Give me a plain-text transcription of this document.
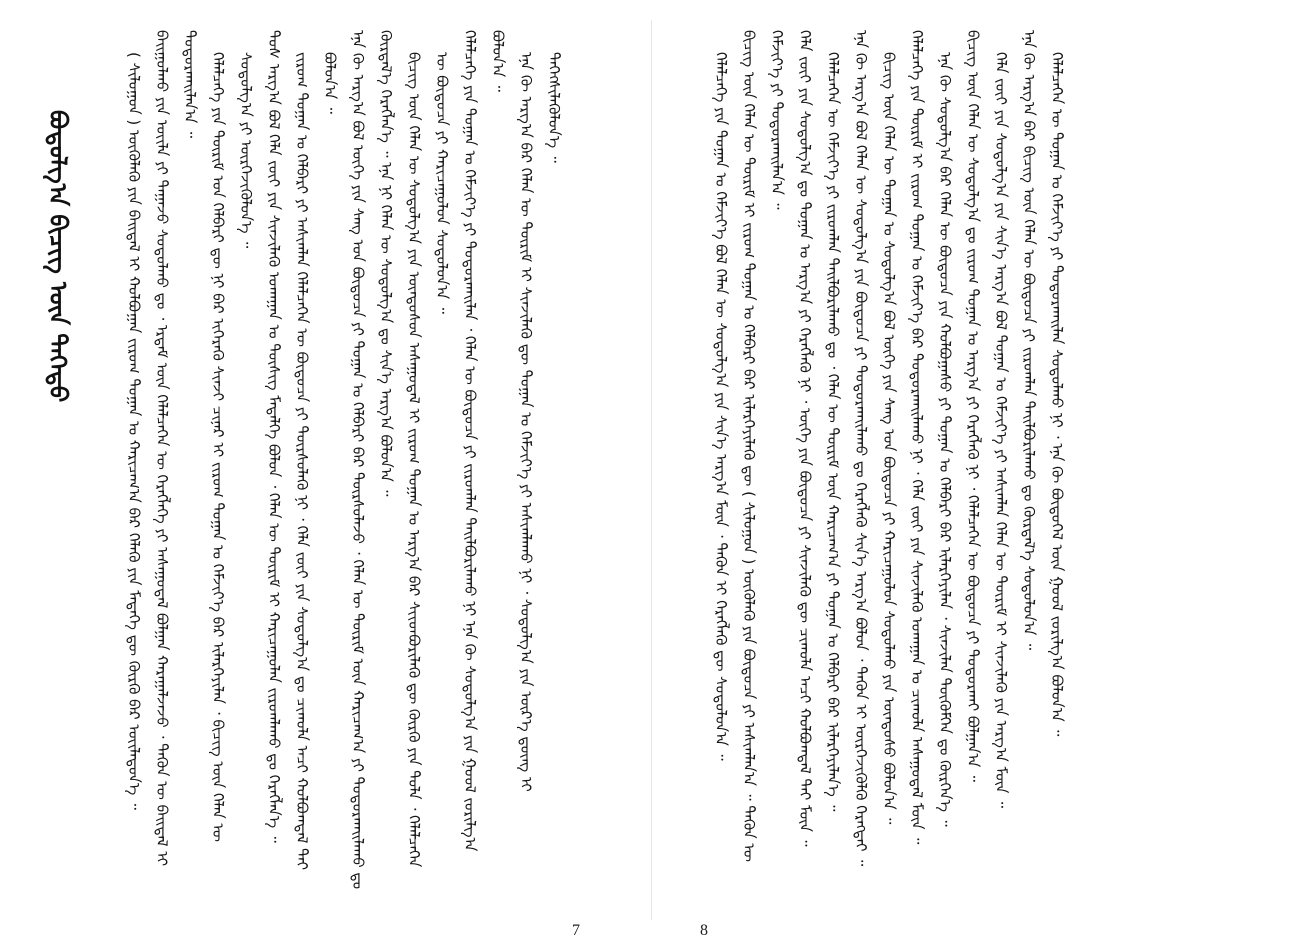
ᠪᠣᠳᠤᠯᠭ᠎ᠠ ᠪᠢᠴᠢᠭ ᠦᠨ ᠳᠡᠭᠡᠳᠦ	( ᠰᠢᠯᠤᠭᠤᠨ ) ᠦᠭᠦᠯᠡᠬᠦ ᠶᠢᠨ ᠪᠠᠢᠳᠠᠯ ᠢ ᠬᠣᠯᠪᠣᠭᠠᠨ ᠵᠢᠷᠤᠭ ᠲᠣᠭᠠᠨ ᠤ ᠬᠠᠷᠢᠴᠠᠭ᠎ᠠ ᠪᠠᠷ ᠬᠡᠯᠡᠬᠦ ᠶᠢᠨ ᠮᠡᠳᠡᠭᠡ ᠳᠦ ᠬᠦᠷᠬᠦ ᠪᠡᠷ ᠦᠢᠯᠡᠳᠦᠨ᠎ᠡ ᠃ ᠪᠠᠢᠭᠤᠯᠬᠤ ᠶᠢᠨ ᠦᠢᠯᠡ ᠶᠢ ᠳᠠᠭᠠᠵᠤ ᠰᠣᠳᠤᠯᠬᠤ ᠳᠤ ᠂ ᠡᠷᠳᠡᠮ ᠦᠨ ᠬᠡᠯᠡᠯᠴᠡᠭᠡᠨ ᠦ ᠬᠡᠷᠡᠭᠯᠡᠭᠡ ᠶᠢ ᠠᠰᠠᠭᠤᠳᠠᠯ ᠪᠣᠯᠭᠠᠨ ᠬᠠᠷᠠᠭᠠᠯᠵᠠᠵᠤ ᠂ ᠲᠡᠭᠦᠨ ᠦ ᠪᠠᠢᠳᠠᠯ ᠢ ᠲᠣᠳᠣᠷᠬᠠᠢᠯᠠᠨ᠎ᠠ ᠃ ᠬᠡᠯᠡᠯᠴᠡᠭᠡ ᠶᠢᠨ ᠳᠦᠷᠢᠮ ᠤᠨ ᠬᠡᠯᠪᠡᠷᠢ ᠳᠦ ᠨᠢ ᠪᠠᠷ ᠢᠭᠡᠷᠡᠭᠦ ᠰᠢᠨᠵᠢ ᠴᠢᠨᠠᠷ ᠢ ᠵᠢᠷᠤᠭ ᠲᠣᠭᠠᠨ ᠤ ᠬᠡᠮᠵᠢᠶ᠎ᠡ ᠪᠡᠷ ᠢᠯᠡᠷᠭᠡᠶᠢᠯᠡᠨ ᠂ ᠪᠢᠴᠢᠭ ᠦᠨ ᠬᠡᠯᠡᠨ ᠦ ᠰᠤᠳᠤᠯᠭ᠎ᠠ ᠶᠢ ᠦᠷᠭᠡᠵᠢᠭᠦᠯᠦᠨ᠎ᠡ ᠃ ᠲᠤᠰ ᠠᠷᠭ᠎ᠠ ᠪᠣᠯ ᠬᠡᠯᠡ ᠵᠦᠢ ᠶᠢᠨ ᠰᠢᠨᠵᠢᠯᠡᠬᠦ ᠤᠬᠠᠭᠠᠨ ᠤ ᠲᠦᠰᠢᠭ ᠮᠡᠳᠡᠯᠭᠡ ᠪᠣᠯᠤᠨ ᠂ ᠬᠡᠯᠡᠨ ᠦ ᠳᠦᠷᠢᠮ ᠢ ᠬᠠᠷᠢᠴᠠᠭᠤᠯᠠᠨ ᠵᠢᠷᠤᠭᠯᠠᠬᠤ ᠳᠤ ᠬᠡᠷᠡᠭᠯᠡᠨ᠎ᠡ ᠃ ᠵᠢᠷᠤᠭ ᠲᠣᠭᠠᠨ ᠤ ᠬᠡᠯᠪᠡᠷᠢ ᠶᠢ ᠠᠰᠢᠭᠯᠠᠨ ᠬᠡᠯᠡᠯᠴᠡᠭᠡᠨ ᠦ ᠪᠦᠲᠦᠴᠡ ᠶᠢ ᠳᠦᠷᠰᠦᠯᠡᠬᠦ ᠨᠢ ᠂ ᠬᠡᠯᠡ ᠵᠦᠢ ᠶᠢᠨ ᠰᠤᠳᠤᠯᠭ᠎ᠠ ᠳᠤ ᠴᠢᠬᠤᠯᠠ ᠠᠴᠢ ᠬᠣᠯᠪᠣᠭᠳᠠᠯ ᠲᠠᠢ ᠪᠣᠯᠤᠨ᠎ᠠ ᠃ ᠡᠨᠡ ᠬᠦ ᠠᠷᠭ᠎ᠠ ᠪᠣᠯ ᠦᠭᠡ ᠶᠢᠨ ᠰᠠᠩ ᠤᠨ ᠪᠦᠲᠦᠴᠡ ᠶᠢ ᠲᠣᠭᠠᠨ ᠤ ᠬᠡᠯᠪᠡᠷᠢ ᠪᠡᠷ ᠳᠦᠷᠰᠦᠯᠡᠵᠦ ᠂ ᠬᠡᠯᠡᠨ ᠦ ᠳᠦᠷᠢᠮ ᠦᠨ ᠬᠠᠷᠢᠴᠠᠭ᠎ᠠ ᠶᠢ ᠲᠣᠳᠣᠷᠬᠠᠢᠯᠠᠬᠤ ᠳᠤ ᠬᠦᠷᠲᠡᠯ᠎ᠡ ᠬᠡᠷᠡᠭᠯᠡᠨ᠎ᠡ ᠃ ᠡᠨᠡ ᠨᠢ ᠬᠡᠯᠡᠨ ᠦ ᠰᠤᠳᠤᠯᠭ᠎ᠠ ᠳᠤ ᠰᠢᠨ᠎ᠡ ᠠᠷᠭ᠎ᠠ ᠪᠣᠯᠤᠨ᠎ᠠ ᠃ ᠪᠢᠴᠢᠭ ᠦᠨ ᠬᠡᠯᠡᠨ ᠦ ᠰᠤᠳᠤᠯᠭ᠎ᠠ ᠶᠢᠨ ᠦᠨᠳᠦᠰᠦᠨ ᠠᠰᠠᠭᠤᠳᠠᠯ ᠢ ᠵᠢᠷᠤᠭ ᠲᠣᠭᠠᠨ ᠤ ᠠᠷᠭ᠎ᠠ ᠪᠡᠷ ᠰᠢᠢᠳᠪᠦᠷᠢᠯᠡᠬᠦ ᠳᠦ ᠬᠦᠷᠬᠦ ᠶᠢᠨ ᠲᠤᠯᠠ ᠂ ᠬᠡᠯᠡᠯᠴᠡᠭᠡᠨ ᠦ ᠪᠦᠲᠦᠴᠡ ᠶᠢ ᠬᠠᠷᠢᠴᠠᠭᠤᠯᠤᠨ ᠰᠣᠳᠤᠯᠤᠨ᠎ᠠ ᠃ ᠬᠡᠯᠡᠯᠴᠡᠭᠡ ᠶᠢᠨ ᠲᠣᠭᠠᠨ ᠤ ᠬᠡᠮᠵᠢᠶ᠎ᠡ ᠶᠢ ᠲᠣᠳᠣᠷᠬᠠᠢᠯᠠᠨ ᠂ ᠬᠡᠯᠡᠨ ᠦ ᠪᠦᠲᠦᠴᠡ ᠶᠢ ᠵᠢᠷᠤᠭᠯᠠᠨ ᠲᠠᠢᠯᠪᠤᠷᠢᠯᠠᠬᠤ ᠨᠢ ᠡᠨᠡ ᠬᠦ ᠰᠤᠳᠤᠯᠭ᠎ᠠ ᠶᠢᠨ ᠭᠣᠣᠯ ᠵᠣᠷᠢᠯᠭ᠎ᠠ ᠪᠣᠯᠤᠨ᠎ᠠ ᠃ ᠡᠨᠡ ᠬᠦ ᠠᠷᠭ᠎ᠠ ᠪᠡᠷ ᠬᠡᠯᠡᠨ ᠦ ᠳᠦᠷᠢᠮ ᠢ ᠰᠢᠨᠵᠢᠯᠡᠬᠦ ᠳᠦ ᠲᠣᠭᠠᠨ ᠤ ᠬᠡᠮᠵᠢᠶ᠎ᠡ ᠶᠢ ᠠᠰᠢᠭᠯᠠᠬᠤ ᠨᠢ ᠂ ᠰᠤᠳᠤᠯᠭ᠎ᠠ ᠶᠢᠨ ᠦᠷ᠎ᠡ ᠳ᠋ᠦᠩ ᠢ ᠳᠡᠭᠡᠭᠰᠢᠯᠡᠭᠦᠯᠦᠨ᠎ᠡ ᠃

7

ᠬᠡᠯᠡᠯᠴᠡᠭᠡ ᠶᠢᠨ ᠲᠣᠭᠠᠨ ᠤ ᠬᠡᠮᠵᠢᠶ᠎ᠡ ᠪᠣᠯ ᠬᠡᠯᠡᠨ ᠦ ᠰᠤᠳᠤᠯᠭ᠎ᠠ ᠶᠢᠨ ᠰᠢᠨ᠎ᠡ ᠠᠷᠭ᠎ᠠ ᠮᠦᠨ ᠂ ᠲᠡᠭᠦᠨ ᠢ ᠬᠡᠷᠡᠭᠯᠡᠬᠦ ᠳᠦ ᠰᠤᠳᠤᠯᠤᠨ᠎ᠠ ᠃ ᠪᠢᠴᠢᠭ ᠦᠨ ᠬᠡᠯᠡᠨ ᠦ ᠳᠦᠷᠢᠮ ᠢ ᠵᠢᠷᠤᠭ ᠲᠣᠭᠠᠨ ᠤ ᠬᠡᠯᠪᠡᠷᠢ ᠪᠡᠷ ᠢᠯᠡᠷᠬᠡᠶᠢᠯᠡᠬᠦ ᠳᠦ ( ᠰᠢᠯᠤᠭᠤᠨ ) ᠦᠭᠦᠯᠡᠬᠦ ᠶᠢᠨ ᠪᠦᠲᠦᠴᠡ ᠶᠢ ᠠᠰᠢᠭᠯᠠᠨ᠎ᠠ ᠃ ᠲᠡᠭᠦᠨ ᠦ ᠬᠡᠮᠵᠢᠶ᠎ᠡ ᠶᠢ ᠲᠣᠳᠣᠷᠬᠠᠢᠯᠠᠨ᠎ᠠ ᠃ ᠬᠡᠯᠡ ᠵᠦᠢ ᠶᠢᠨ ᠰᠤᠳᠤᠯᠭ᠎ᠠ ᠳᠤ ᠲᠣᠭᠠᠨ ᠤ ᠠᠷᠭ᠎ᠠ ᠶᠢ ᠬᠡᠷᠡᠭᠯᠡᠬᠦ ᠨᠢ ᠂ ᠦᠭᠡ ᠶᠢᠨ ᠪᠦᠲᠦᠴᠡ ᠶᠢ ᠰᠢᠨᠵᠢᠯᠡᠬᠦ ᠳᠦ ᠴᠢᠬᠤᠯᠠ ᠠᠴᠢ ᠬᠣᠯᠪᠣᠭᠳᠠᠯ ᠲᠠᠢ ᠮᠦᠨ ᠃ ᠬᠡᠯᠡᠯᠴᠡᠭᠡᠨ ᠦ ᠬᠡᠮᠵᠢᠶ᠎ᠡ ᠶᠢ ᠵᠢᠷᠤᠭᠯᠠᠨ ᠲᠠᠢᠯᠪᠤᠷᠢᠯᠠᠬᠤ ᠳᠤ ᠂ ᠬᠡᠯᠡᠨ ᠦ ᠳᠦᠷᠢᠮ ᠦᠨ ᠬᠠᠷᠢᠴᠠᠭ᠎ᠠ ᠶᠢ ᠲᠣᠭᠠᠨ ᠤ ᠬᠡᠯᠪᠡᠷᠢ ᠪᠡᠷ ᠢᠯᠡᠷᠬᠡᠶᠢᠯᠡᠨ᠎ᠡ ᠃ ᠡᠨᠡ ᠬᠦ ᠠᠷᠭ᠎ᠠ ᠪᠣᠯ ᠬᠡᠯᠡᠨ ᠦ ᠰᠤᠳᠤᠯᠭ᠎ᠠ ᠶᠢᠨ ᠪᠦᠲᠦᠴᠡ ᠶᠢ ᠲᠣᠳᠣᠷᠬᠠᠢᠯᠠᠬᠤ ᠳᠤ ᠬᠡᠷᠡᠭᠯᠡᠬᠦ ᠰᠢᠨ᠎ᠡ ᠠᠷᠭ᠎ᠠ ᠪᠣᠯᠤᠨ ᠂ ᠲᠡᠭᠦᠨ ᠢ ᠦᠷᠭᠡᠵᠢᠭᠦᠯᠬᠦ ᠬᠡᠷᠡᠭᠲᠡᠢ ᠃ ᠪᠢᠴᠢᠭ ᠦᠨ ᠬᠡᠯᠡᠨ ᠦ ᠲᠣᠭᠠᠨ ᠤ ᠰᠤᠳᠤᠯᠭ᠎ᠠ ᠪᠣᠯ ᠦᠭᠡ ᠶᠢᠨ ᠰᠠᠩ ᠤᠨ ᠪᠦᠲᠦᠴᠡ ᠶᠢ ᠬᠠᠷᠢᠴᠠᠭᠤᠯᠤᠨ ᠰᠣᠳᠤᠯᠬᠤ ᠶᠢᠨ ᠦᠨᠳᠦᠰᠦ ᠪᠣᠯᠤᠨ᠎ᠠ ᠃ ᠬᠡᠯᠡᠯᠴᠡᠭᠡ ᠶᠢᠨ ᠳᠦᠷᠢᠮ ᠢ ᠵᠢᠷᠤᠭ ᠲᠣᠭᠠᠨ ᠤ ᠬᠡᠮᠵᠢᠶ᠎ᠡ ᠪᠡᠷ ᠲᠣᠳᠣᠷᠬᠠᠢᠯᠠᠬᠤ ᠨᠢ ᠂ ᠬᠡᠯᠡ ᠵᠦᠢ ᠶᠢᠨ ᠰᠢᠨᠵᠢᠯᠡᠬᠦ ᠤᠬᠠᠭᠠᠨ ᠤ ᠴᠢᠬᠤᠯᠠ ᠠᠰᠠᠭᠤᠳᠠᠯ ᠮᠦᠨ ᠃ ᠡᠨᠡ ᠬᠦ ᠰᠤᠳᠤᠯᠭ᠎ᠠ ᠪᠡᠷ ᠬᠡᠯᠡᠨ ᠦ ᠪᠦᠲᠦᠴᠡ ᠶᠢᠨ ᠬᠣᠯᠪᠣᠭᠠᠰᠤ ᠶᠢ ᠲᠣᠭᠠᠨ ᠤ ᠬᠡᠯᠪᠡᠷᠢ ᠪᠡᠷ ᠢᠯᠡᠷᠬᠡᠶᠢᠯᠡᠨ ᠂ ᠰᠢᠨᠵᠢᠯᠡᠨ ᠳᠦᠭᠦᠮᠬᠡᠨ ᠳᠤ ᠬᠦᠷᠭᠡᠨ᠎ᠡ ᠃ ᠪᠢᠴᠢᠭ ᠦᠨ ᠬᠡᠯᠡᠨ ᠦ ᠰᠤᠳᠤᠯᠭ᠎ᠠ ᠳᠤ ᠵᠢᠷᠤᠭ ᠲᠣᠭᠠᠨ ᠤ ᠠᠷᠭ᠎ᠠ ᠶᠢ ᠬᠡᠷᠡᠭᠯᠡᠬᠦ ᠨᠢ ᠂ ᠬᠡᠯᠡᠯᠴᠡᠭᠡᠨ ᠦ ᠪᠦᠲᠦᠴᠡ ᠶᠢ ᠲᠣᠳᠣᠷᠬᠠᠢ ᠪᠣᠯᠭᠠᠨ᠎ᠠ ᠃ ᠬᠡᠯᠡ ᠵᠦᠢ ᠶᠢᠨ ᠰᠤᠳᠤᠯᠭ᠎ᠠ ᠶᠢᠨ ᠰᠢᠨ᠎ᠡ ᠠᠷᠭ᠎ᠠ ᠪᠣᠯ ᠲᠣᠭᠠᠨ ᠤ ᠬᠡᠮᠵᠢᠶ᠎ᠡ ᠶᠢ ᠠᠰᠢᠭᠯᠠᠨ ᠬᠡᠯᠡᠨ ᠦ ᠳᠦᠷᠢᠮ ᠢ ᠰᠢᠨᠵᠢᠯᠡᠬᠦ ᠶᠢᠨ ᠠᠷᠭ᠎ᠠ ᠮᠦᠨ ᠃ ᠡᠨᠡ ᠬᠦ ᠠᠷᠭ᠎ᠠ ᠪᠡᠷ ᠪᠢᠴᠢᠭ ᠦᠨ ᠬᠡᠯᠡᠨ ᠦ ᠪᠦᠲᠦᠴᠡ ᠶᠢ ᠵᠢᠷᠤᠭᠯᠠᠨ ᠲᠠᠢᠯᠪᠤᠷᠢᠯᠠᠬᠤ ᠳᠤ ᠬᠦᠷᠲᠡᠯ᠎ᠡ ᠰᠤᠳᠤᠯᠤᠨ᠎ᠠ ᠃ ᠬᠡᠯᠡᠯᠴᠡᠭᠡᠨ ᠦ ᠲᠣᠭᠠᠨ ᠤ ᠬᠡᠮᠵᠢᠶ᠎ᠡ ᠶᠢ ᠲᠣᠳᠣᠷᠬᠠᠢᠯᠠᠨ ᠰᠣᠳᠤᠯᠬᠤ ᠨᠢ ᠂ ᠡᠨᠡ ᠬᠦ ᠪᠦᠲᠦᠭᠡᠯ ᠦᠨ ᠭᠣᠣᠯ ᠵᠣᠷᠢᠯᠭ᠎ᠠ ᠪᠣᠯᠤᠨ᠎ᠠ ᠃

8
